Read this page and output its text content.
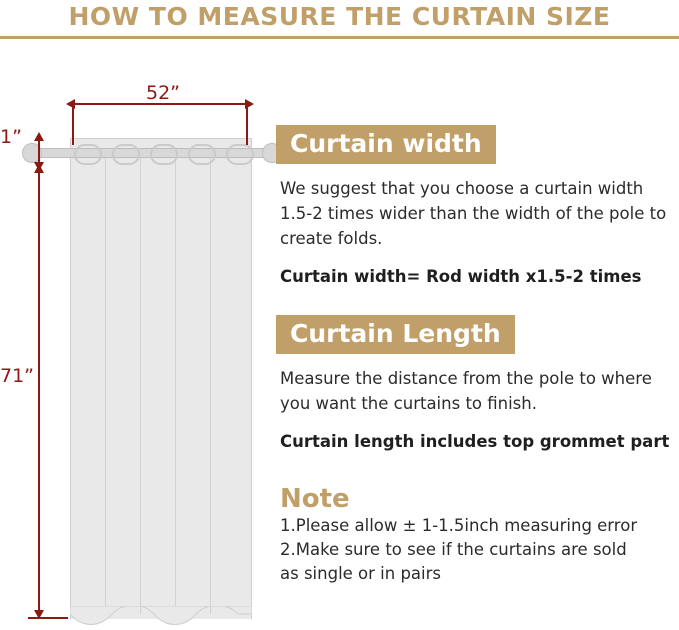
HOW TO MEASURE THE CURTAIN SIZE
52”
1”
71”
Curtain width
We suggest that you choose a curtain width 1.5-2 times wider than the width of the pole to create folds.
Curtain width= Rod width x1.5-2 times
Curtain Length
Measure the distance from the pole to where you want the curtains to finish.
Curtain length includes top grommet part
Note
1.Please allow ± 1-1.5inch measuring error
2.Make sure to see if the curtains are sold
as single or in pairs
